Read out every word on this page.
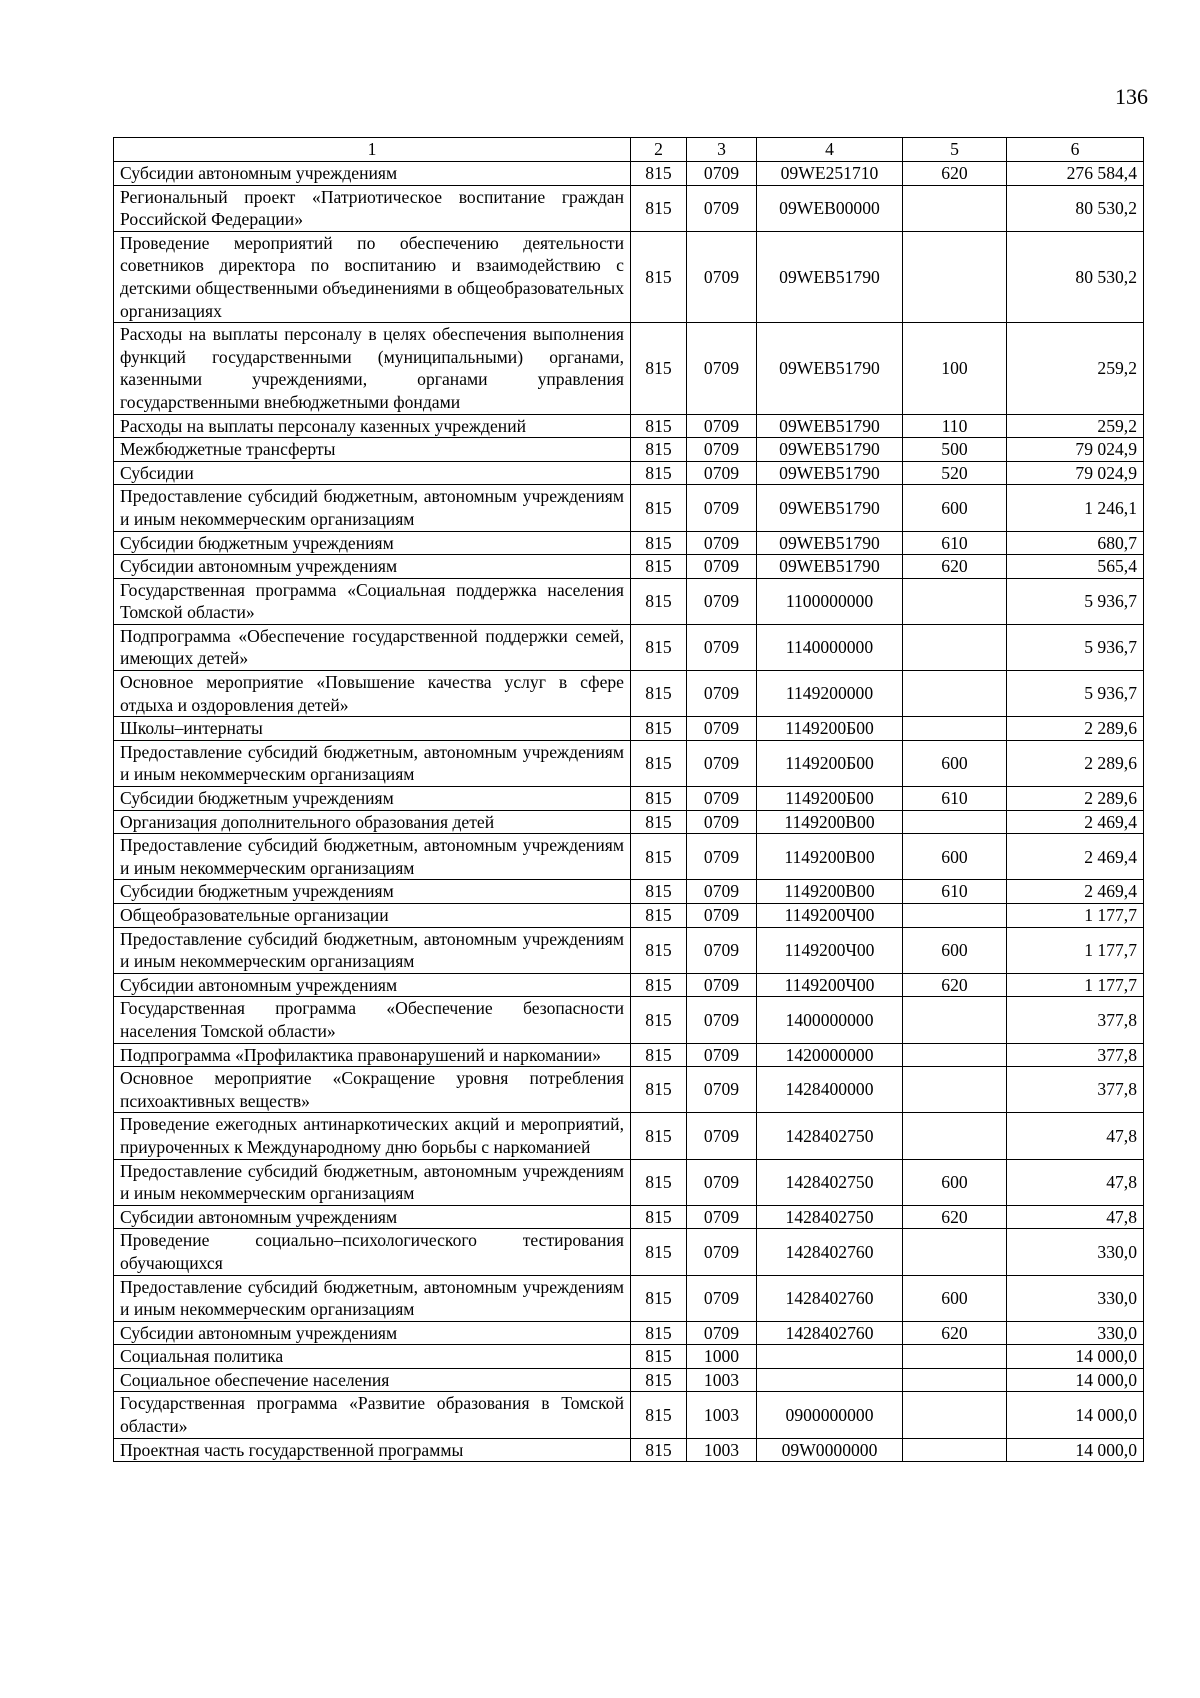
136
1	2	3	4	5	6
Субсидии автономным учреждениям	815	0709	09WE251710	620	276 584,4
Региональный проект «Патриотическое воспитание граждан Российской Федерации»	815	0709	09WEB00000		80 530,2
Проведение мероприятий по обеспечению деятельности советников директора по воспитанию и взаимодействию с детскими общественными объединениями в общеобразовательных организациях	815	0709	09WEB51790		80 530,2
Расходы на выплаты персоналу в целях обеспечения выполнения функций государственными (муниципальными) органами, казенными учреждениями, органами управления государственными внебюджетными фондами	815	0709	09WEB51790	100	259,2
Расходы на выплаты персоналу казенных учреждений	815	0709	09WEB51790	110	259,2
Межбюджетные трансферты	815	0709	09WEB51790	500	79 024,9
Субсидии	815	0709	09WEB51790	520	79 024,9
Предоставление субсидий бюджетным, автономным учреждениям и иным некоммерческим организациям	815	0709	09WEB51790	600	1 246,1
Субсидии бюджетным учреждениям	815	0709	09WEB51790	610	680,7
Субсидии автономным учреждениям	815	0709	09WEB51790	620	565,4
Государственная программа «Социальная поддержка населения Томской области»	815	0709	1100000000		5 936,7
Подпрограмма «Обеспечение государственной поддержки семей, имеющих детей»	815	0709	1140000000		5 936,7
Основное мероприятие «Повышение качества услуг в сфере отдыха и оздоровления детей»	815	0709	1149200000		5 936,7
Школы–интернаты	815	0709	1149200Б00		2 289,6
Предоставление субсидий бюджетным, автономным учреждениям и иным некоммерческим организациям	815	0709	1149200Б00	600	2 289,6
Субсидии бюджетным учреждениям	815	0709	1149200Б00	610	2 289,6
Организация дополнительного образования детей	815	0709	1149200В00		2 469,4
Предоставление субсидий бюджетным, автономным учреждениям и иным некоммерческим организациям	815	0709	1149200В00	600	2 469,4
Субсидии бюджетным учреждениям	815	0709	1149200В00	610	2 469,4
Общеобразовательные организации	815	0709	1149200Ч00		1 177,7
Предоставление субсидий бюджетным, автономным учреждениям и иным некоммерческим организациям	815	0709	1149200Ч00	600	1 177,7
Субсидии автономным учреждениям	815	0709	1149200Ч00	620	1 177,7
Государственная программа «Обеспечение безопасности населения Томской области»	815	0709	1400000000		377,8
Подпрограмма «Профилактика правонарушений и наркомании»	815	0709	1420000000		377,8
Основное мероприятие «Сокращение уровня потребления психоактивных веществ»	815	0709	1428400000		377,8
Проведение ежегодных антинаркотических акций и мероприятий, приуроченных к Международному дню борьбы с наркоманией	815	0709	1428402750		47,8
Предоставление субсидий бюджетным, автономным учреждениям и иным некоммерческим организациям	815	0709	1428402750	600	47,8
Субсидии автономным учреждениям	815	0709	1428402750	620	47,8
Проведение социально–психологического тестирования обучающихся	815	0709	1428402760		330,0
Предоставление субсидий бюджетным, автономным учреждениям и иным некоммерческим организациям	815	0709	1428402760	600	330,0
Субсидии автономным учреждениям	815	0709	1428402760	620	330,0
Социальная политика	815	1000			14 000,0
Социальное обеспечение населения	815	1003			14 000,0
Государственная программа «Развитие образования в Томской области»	815	1003	0900000000		14 000,0
Проектная часть государственной программы	815	1003	09W0000000		14 000,0
